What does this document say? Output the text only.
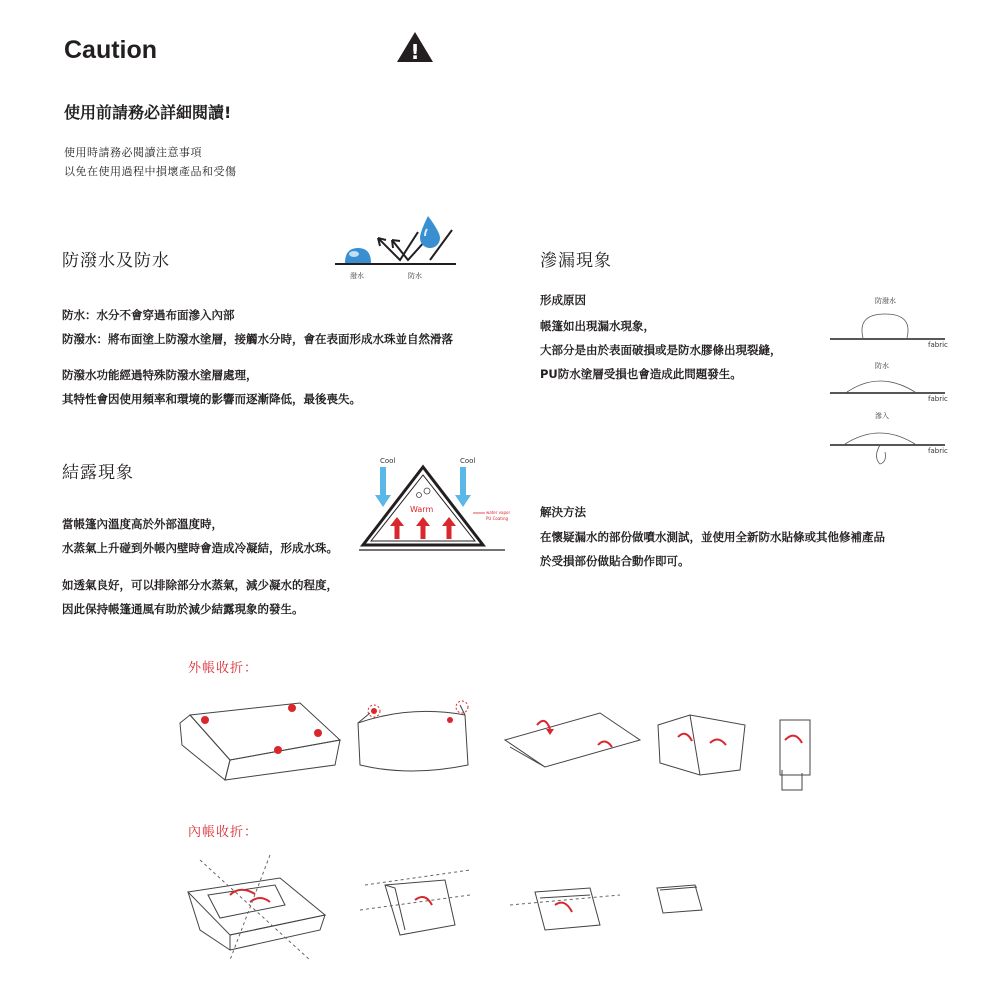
Caution	!
使用前請務必詳細閱讀!
使用時請務必閱讀注意事項
以免在使用過程中損壞產品和受傷
防潑水及防水
潑水	防水
防水：水分不會穿過布面滲入內部
防潑水：將布面塗上防潑水塗層，接觸水分時，會在表面形成水珠並自然滑落
防潑水功能經過特殊防潑水塗層處理，
其特性會因使用頻率和環境的影響而逐漸降低，最後喪失。
滲漏現象
形成原因
帳篷如出現漏水現象，
大部分是由於表面破損或是防水膠條出現裂縫，
PU防水塗層受損也會造成此問題發生。
防潑水
fabric
防水
fabric
滲入
fabric
解決方法
在懷疑漏水的部份做噴水測試，並使用全新防水貼條或其他修補產品
於受損部份做貼合動作即可。
結露現象
當帳篷內溫度高於外部溫度時，
水蒸氣上升碰到外帳內壁時會造成冷凝結，形成水珠。
如透氣良好，可以排除部分水蒸氣，減少凝水的程度，
因此保持帳篷通風有助於減少結露現象的發生。
Cool	Cool
Warm	water vapor
PU Coating
外帳收折：
內帳收折：
